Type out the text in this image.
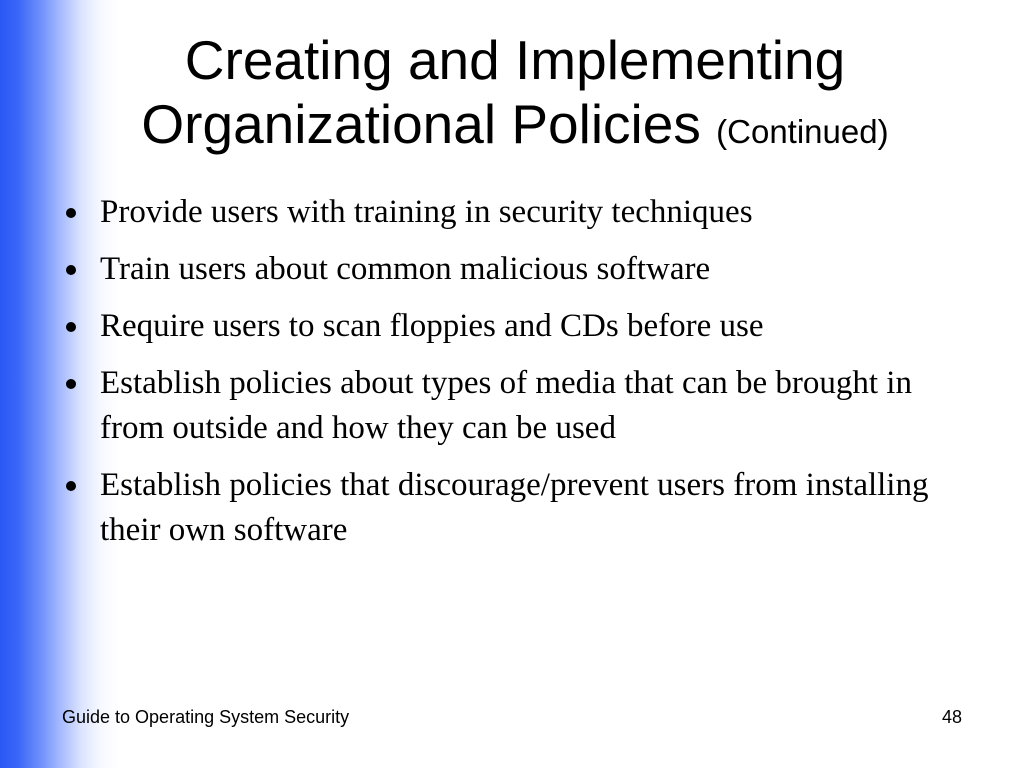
Creating and Implementing Organizational Policies (Continued)
Provide users with training in security techniques
Train users about common malicious software
Require users to scan floppies and CDs before use
Establish policies about types of media that can be brought in from outside and how they can be used
Establish policies that discourage/prevent users from installing their own software
Guide to Operating System Security	48
